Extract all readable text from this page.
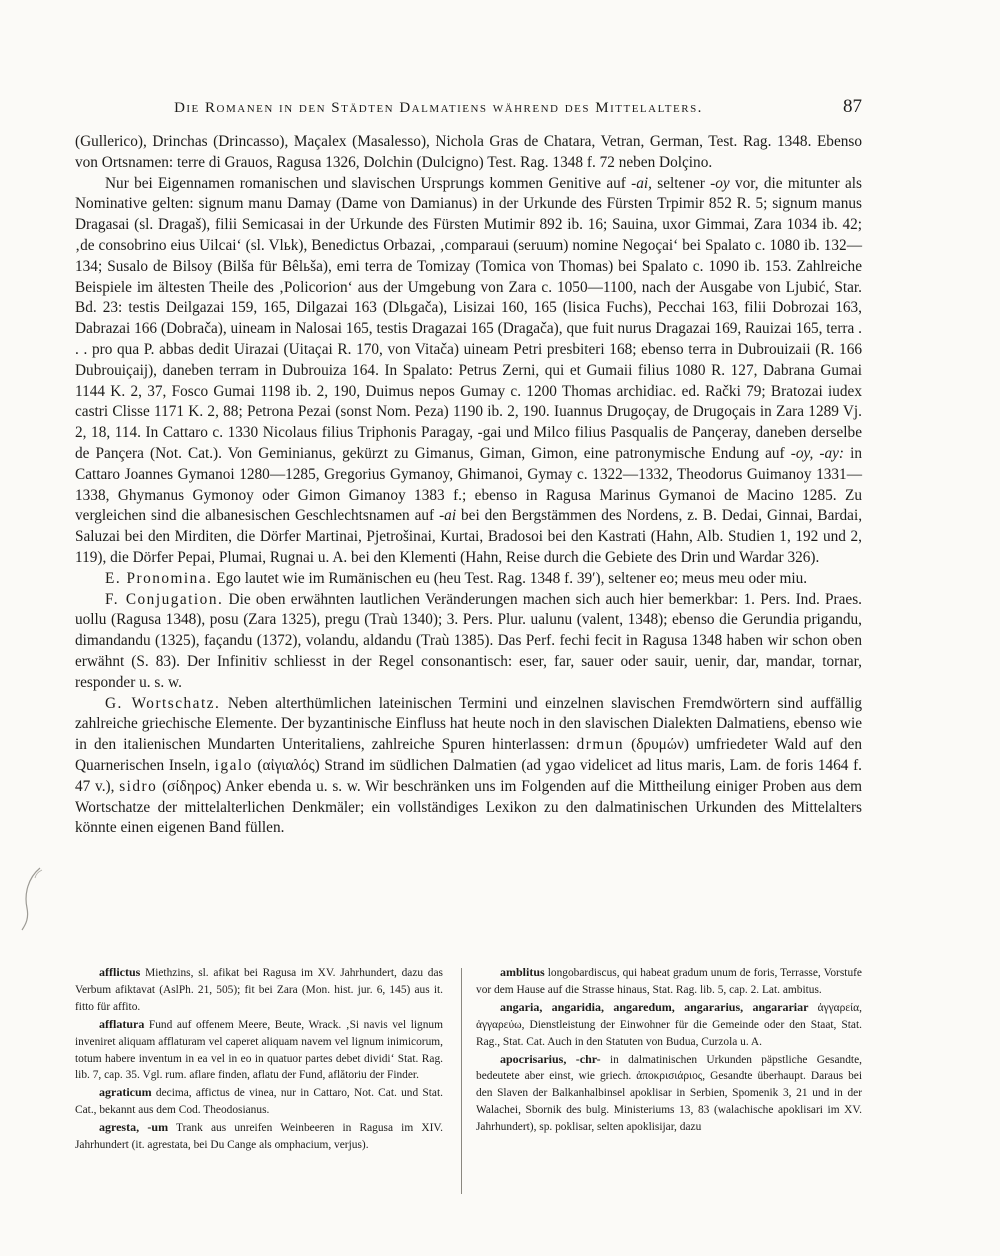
Die Romanen in den Städten Dalmatiens während des Mittelalters.	87

(Gullerico), Drinchas (Drincasso), Maçalex (Masalesso), Nichola Gras de Chatara, Vetran, German, Test. Rag. 1348. Ebenso von Ortsnamen: terre di Grauos, Ragusa 1326, Dolchin (Dulcigno) Test. Rag. 1348 f. 72 neben Dolçino.

Nur bei Eigennamen romanischen und slavischen Ursprungs kommen Genitive auf -ai, seltener -oy vor, die mitunter als Nominative gelten: signum manu Damay (Dame von Damianus) in der Urkunde des Fürsten Trpimir 852 R. 5; signum manus Dragasai (sl. Dragaš), filii Semicasai in der Urkunde des Fürsten Mutimir 892 ib. 16; Sauina, uxor Gimmai, Zara 1034 ib. 42; ‚de consobrino eius Uilcai‘ (sl. Vlьk), Benedictus Orbazai, ‚comparaui (seruum) nomine Negoçai‘ bei Spalato c. 1080 ib. 132—134; Susalo de Bilsoy (Bilša für Bêlьša), emi terra de Tomizay (Tomica von Thomas) bei Spalato c. 1090 ib. 153. Zahlreiche Beispiele im ältesten Theile des ‚Policorion‘ aus der Umgebung von Zara c. 1050—1100, nach der Ausgabe von Ljubić, Star. Bd. 23: testis Deilgazai 159, 165, Dilgazai 163 (Dlьgača), Lisizai 160, 165 (lisica Fuchs), Pecchai 163, filii Dobrozai 163, Dabrazai 166 (Dobrača), uineam in Nalosai 165, testis Dragazai 165 (Dragača), que fuit nurus Dragazai 169, Rauizai 165, terra . . . pro qua P. abbas dedit Uirazai (Uitaçai R. 170, von Vitača) uineam Petri presbiteri 168; ebenso terra in Dubrouizaii (R. 166 Dubrouiçaij), daneben terram in Dubrouiza 164. In Spalato: Petrus Zerni, qui et Gumaii filius 1080 R. 127, Dabrana Gumai 1144 K. 2, 37, Fosco Gumai 1198 ib. 2, 190, Duimus nepos Gumay c. 1200 Thomas archidiac. ed. Rački 79; Bratozai iudex castri Clisse 1171 K. 2, 88; Petrona Pezai (sonst Nom. Peza) 1190 ib. 2, 190. Iuannus Drugoçay, de Drugoçais in Zara 1289 Vj. 2, 18, 114. In Cattaro c. 1330 Nicolaus filius Triphonis Paragay, -gai und Milco filius Pasqualis de Pançeray, daneben derselbe de Pançera (Not. Cat.). Von Geminianus, gekürzt zu Gimanus, Giman, Gimon, eine patronymische Endung auf -oy, -ay: in Cattaro Joannes Gymanoi 1280—1285, Gregorius Gymanoy, Ghimanoi, Gymay c. 1322—1332, Theodorus Guimanoy 1331—1338, Ghymanus Gymonoy oder Gimon Gimanoy 1383 f.; ebenso in Ragusa Marinus Gymanoi de Macino 1285. Zu vergleichen sind die albanesischen Geschlechtsnamen auf -ai bei den Bergstämmen des Nordens, z. B. Dedai, Ginnai, Bardai, Saluzai bei den Mirditen, die Dörfer Martinai, Pjetrošinai, Kurtai, Bradosoi bei den Kastrati (Hahn, Alb. Studien 1, 192 und 2, 119), die Dörfer Pepai, Plumai, Rugnai u. A. bei den Klementi (Hahn, Reise durch die Gebiete des Drin und Wardar 326).

E. Pronomina. Ego lautet wie im Rumänischen eu (heu Test. Rag. 1348 f. 39′), seltener eo; meus meu oder miu.

F. Conjugation. Die oben erwähnten lautlichen Veränderungen machen sich auch hier bemerkbar: 1. Pers. Ind. Praes. uollu (Ragusa 1348), posu (Zara 1325), pregu (Traù 1340); 3. Pers. Plur. ualunu (valent, 1348); ebenso die Gerundia prigandu, dimandandu (1325), façandu (1372), volandu, aldandu (Traù 1385). Das Perf. fechi fecit in Ragusa 1348 haben wir schon oben erwähnt (S. 83). Der Infinitiv schliesst in der Regel consonantisch: eser, far, sauer oder sauir, uenir, dar, mandar, tornar, responder u. s. w.

G. Wortschatz. Neben alterthümlichen lateinischen Termini und einzelnen slavischen Fremdwörtern sind auffällig zahlreiche griechische Elemente. Der byzantinische Einfluss hat heute noch in den slavischen Dialekten Dalmatiens, ebenso wie in den italienischen Mundarten Unteritaliens, zahlreiche Spuren hinterlassen: drmun (δρυμών) umfriedeter Wald auf den Quarnerischen Inseln, igalo (αἰγιαλός) Strand im südlichen Dalmatien (ad ygao videlicet ad litus maris, Lam. de foris 1464 f. 47 v.), sidro (σίδηρος) Anker ebenda u. s. w. Wir beschränken uns im Folgenden auf die Mittheilung einiger Proben aus dem Wortschatze der mittelalterlichen Denkmäler; ein vollständiges Lexikon zu den dalmatinischen Urkunden des Mittelalters könnte einen eigenen Band füllen.

afflictus Miethzins, sl. afikat bei Ragusa im XV. Jahrhundert, dazu das Verbum afiktavat (AslPh. 21, 505); fit bei Zara (Mon. hist. jur. 6, 145) aus it. fitto für affito.

afflatura Fund auf offenem Meere, Beute, Wrack. ‚Si navis vel lignum inveniret aliquam afflaturam vel caperet aliquam navem vel lignum inimicorum, totum habere inventum in ea vel in eo in quatuor partes debet dividi‘ Stat. Rag. lib. 7, cap. 35. Vgl. rum. aflare finden, aflatu der Fund, aflătoriu der Finder.

agraticum decima, affictus de vinea, nur in Cattaro, Not. Cat. und Stat. Cat., bekannt aus dem Cod. Theodosianus.

agresta, -um Trank aus unreifen Weinbeeren in Ragusa im XIV. Jahrhundert (it. agrestata, bei Du Cange als omphacium, verjus).

amblitus longobardiscus, qui habeat gradum unum de foris, Terrasse, Vorstufe vor dem Hause auf die Strasse hinaus, Stat. Rag. lib. 5, cap. 2. Lat. ambitus.

angaria, angaridia, angaredum, angararius, angarariar ἀγγαρεία, ἀγγαρεύω, Dienstleistung der Einwohner für die Gemeinde oder den Staat, Stat. Rag., Stat. Cat. Auch in den Statuten von Budua, Curzola u. A.

apocrisarius, -chr- in dalmatinischen Urkunden päpstliche Gesandte, bedeutete aber einst, wie griech. ἀποκρισιάριος, Gesandte überhaupt. Daraus bei den Slaven der Balkanhalbinsel apoklisar in Serbien, Spomenik 3, 21 und in der Walachei, Sbornik des bulg. Ministeriums 13, 83 (walachische apoklisari im XV. Jahrhundert), sp. poklisar, selten apoklisijar, dazu
